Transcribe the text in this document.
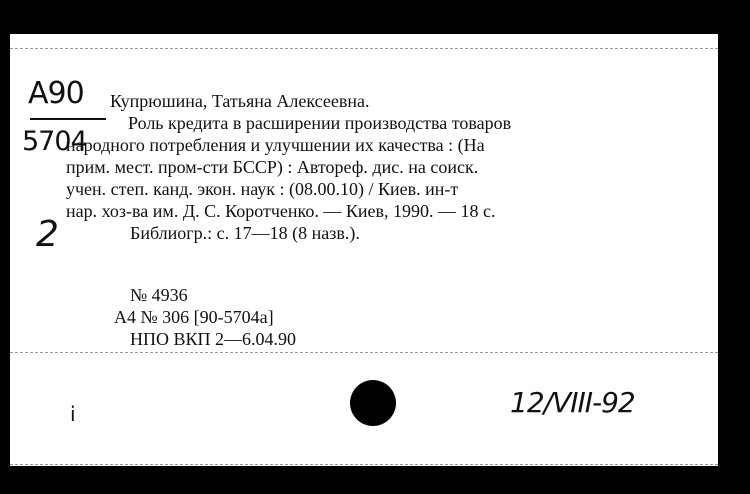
A90
5704
2
Купрюшина, Татьяна Алексеевна.
Роль кредита в расширении производства товаров
народного потребления и улучшении их качества : (На
прим. мест. пром-сти БССР) : Автореф. дис. на соиск.
учен. степ. канд. экон. наук : (08.00.10) / Киев. ин-т
нар. хоз-ва им. Д. С. Коротченко. — Киев, 1990. — 18 с.
Библиогр.: с. 17—18 (8 назв.).
№ 4936
А4 № 306 [90-5704а]
НПО ВКП 2—6.04.90
i	12/VIII-92
